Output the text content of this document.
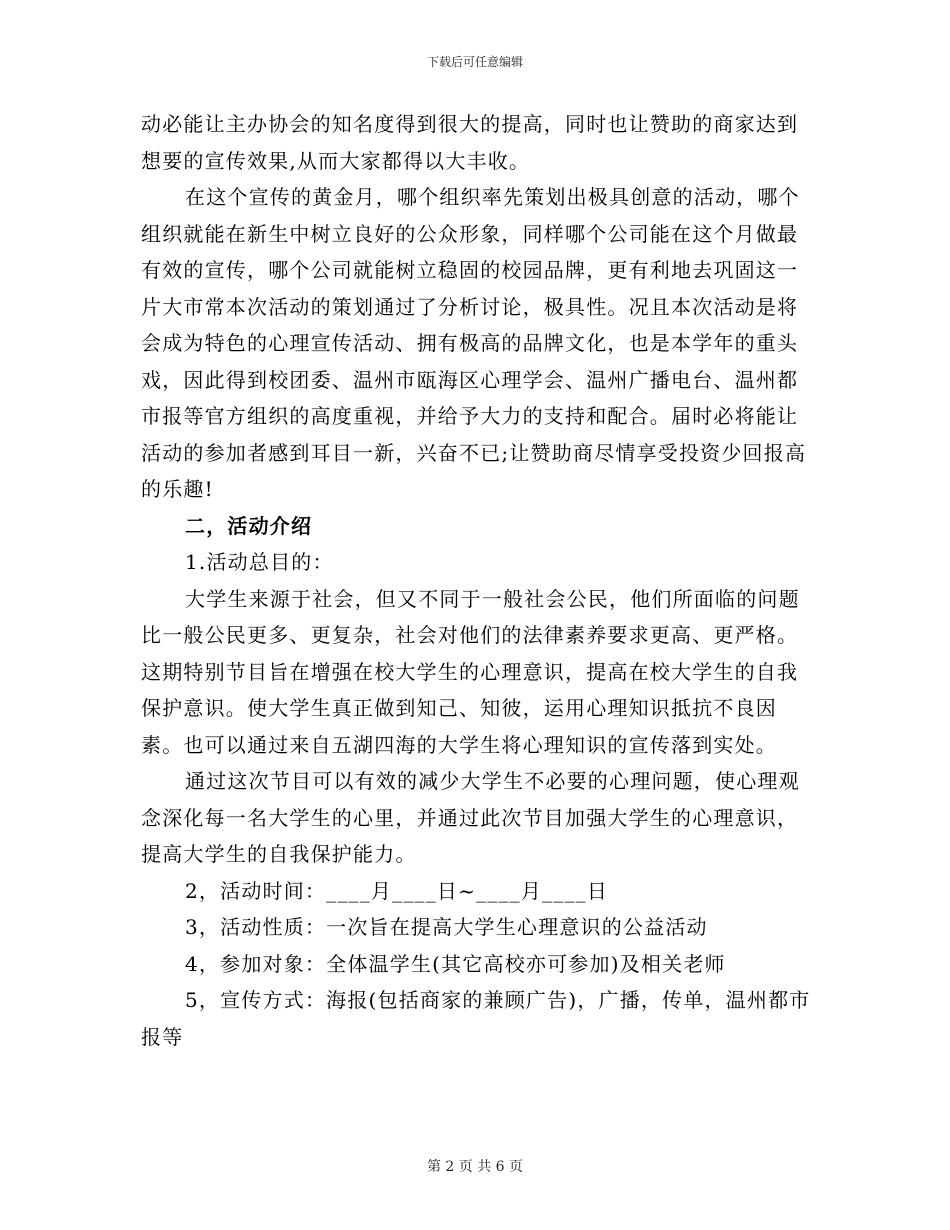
下载后可任意编辑

动必能让主办协会的知名度得到很大的提高，同时也让赞助的商家达到想要的宣传效果,从而大家都得以大丰收。

在这个宣传的黄金月，哪个组织率先策划出极具创意的活动，哪个组织就能在新生中树立良好的公众形象，同样哪个公司能在这个月做最有效的宣传，哪个公司就能树立稳固的校园品牌，更有利地去巩固这一片大市常本次活动的策划通过了分析讨论，极具性。况且本次活动是将会成为特色的心理宣传活动、拥有极高的品牌文化，也是本学年的重头戏，因此得到校团委、温州市瓯海区心理学会、温州广播电台、温州都市报等官方组织的高度重视，并给予大力的支持和配合。届时必将能让活动的参加者感到耳目一新，兴奋不已;让赞助商尽情享受投资少回报高的乐趣!

二，活动介绍

1.活动总目的：

大学生来源于社会，但又不同于一般社会公民，他们所面临的问题比一般公民更多、更复杂，社会对他们的法律素养要求更高、更严格。这期特别节目旨在增强在校大学生的心理意识，提高在校大学生的自我保护意识。使大学生真正做到知己、知彼，运用心理知识抵抗不良因素。也可以通过来自五湖四海的大学生将心理知识的宣传落到实处。

通过这次节目可以有效的减少大学生不必要的心理问题，使心理观念深化每一名大学生的心里，并通过此次节目加强大学生的心理意识，提高大学生的自我保护能力。

2，活动时间：____月____日~____月____日

3，活动性质：一次旨在提高大学生心理意识的公益活动

4，参加对象：全体温学生(其它高校亦可参加)及相关老师

5，宣传方式：海报(包括商家的兼顾广告)，广播，传单，温州都市报等

第 2 页 共 6 页
